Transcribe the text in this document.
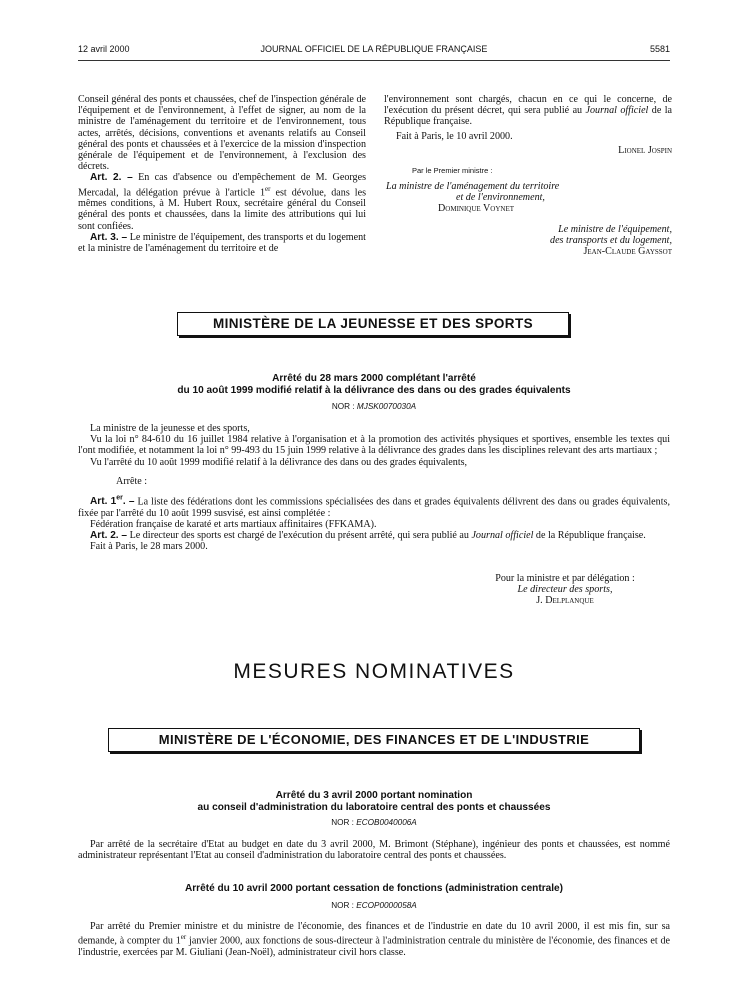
12 avril 2000	JOURNAL OFFICIEL DE LA RÉPUBLIQUE FRANÇAISE	5581

Conseil général des ponts et chaussées, chef de l'inspection générale de l'équipement et de l'environnement, à l'effet de signer, au nom de la ministre de l'aménagement du territoire et de l'environnement, tous actes, arrêtés, décisions, conventions et avenants relatifs au Conseil général des ponts et chaussées et à l'exercice de la mission d'inspection générale de l'équipement et de l'environnement, à l'exclusion des décrets.

Art. 2. – En cas d'absence ou d'empêchement de M. Georges Mercadal, la délégation prévue à l'article 1er est dévolue, dans les mêmes conditions, à M. Hubert Roux, secrétaire général du Conseil général des ponts et chaussées, dans la limite des attributions qui lui sont confiées.

Art. 3. – Le ministre de l'équipement, des transports et du logement et la ministre de l'aménagement du territoire et de

l'environnement sont chargés, chacun en ce qui le concerne, de l'exécution du présent décret, qui sera publié au Journal officiel de la République française.

Fait à Paris, le 10 avril 2000.

Lionel Jospin
Par le Premier ministre :
La ministre de l'aménagement du territoire
et de l'environnement,
Dominique Voynet
Le ministre de l'équipement,
des transports et du logement,
Jean-Claude Gayssot
MINISTÈRE DE LA JEUNESSE ET DES SPORTS
Arrêté du 28 mars 2000 complétant l'arrêté
du 10 août 1999 modifié relatif à la délivrance des dans ou des grades équivalents
NOR : MJSK0070030A

La ministre de la jeunesse et des sports,

Vu la loi n° 84-610 du 16 juillet 1984 relative à l'organisation et à la promotion des activités physiques et sportives, ensemble les textes qui l'ont modifiée, et notamment la loi n° 99-493 du 15 juin 1999 relative à la délivrance des grades dans les disciplines relevant des arts martiaux ;

Vu l'arrêté du 10 août 1999 modifié relatif à la délivrance des dans ou des grades équivalents,

Arrête :

Art. 1er. – La liste des fédérations dont les commissions spécialisées des dans et grades équivalents délivrent des dans ou grades équivalents, fixée par l'arrêté du 10 août 1999 susvisé, est ainsi complétée :

Fédération française de karaté et arts martiaux affinitaires (FFKAMA).

Art. 2. – Le directeur des sports est chargé de l'exécution du présent arrêté, qui sera publié au Journal officiel de la République française.

Fait à Paris, le 28 mars 2000.

Pour la ministre et par délégation :
Le directeur des sports,
J. Delplanque
MESURES NOMINATIVES
MINISTÈRE DE L'ÉCONOMIE, DES FINANCES ET DE L'INDUSTRIE
Arrêté du 3 avril 2000 portant nomination
au conseil d'administration du laboratoire central des ponts et chaussées
NOR : ECOB0040006A

Par arrêté de la secrétaire d'Etat au budget en date du 3 avril 2000, M. Brimont (Stéphane), ingénieur des ponts et chaussées, est nommé administrateur représentant l'Etat au conseil d'administration du laboratoire central des ponts et chaussées.

Arrêté du 10 avril 2000 portant cessation de fonctions (administration centrale)
NOR : ECOP0000058A

Par arrêté du Premier ministre et du ministre de l'économie, des finances et de l'industrie en date du 10 avril 2000, il est mis fin, sur sa demande, à compter du 1er janvier 2000, aux fonctions de sous-directeur à l'administration centrale du ministère de l'économie, des finances et de l'industrie, exercées par M. Giuliani (Jean-Noël), administrateur civil hors classe.
